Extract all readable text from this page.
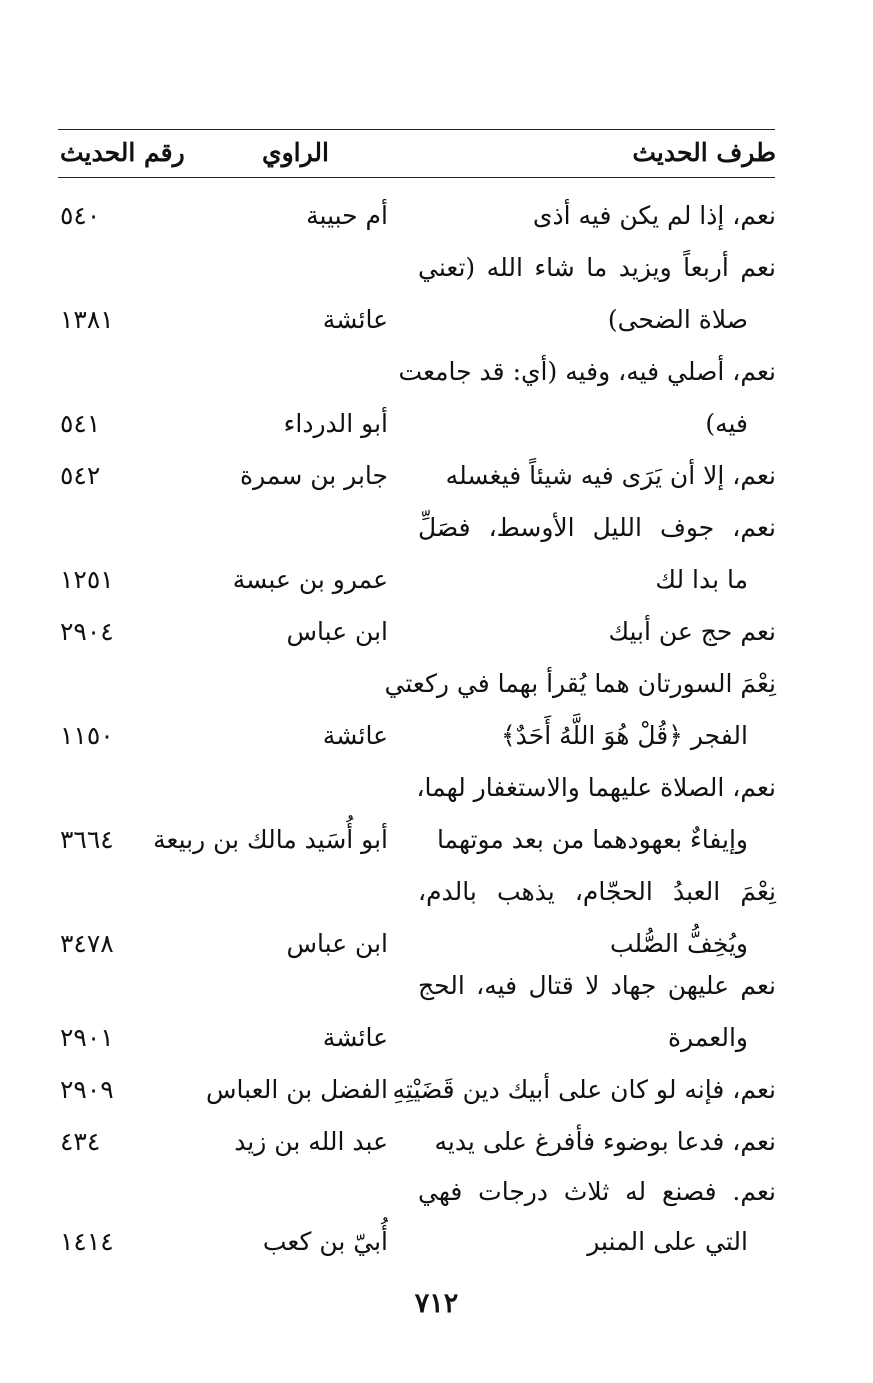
طرف الحديث
الراوي
رقم الحديث
نعم، إذا لم يكن فيه أذى
أم حبيبة
٥٤٠
نعم أربعاً ويزيد ما شاء الله (تعني
صلاة الضحى)
عائشة
١٣٨١
نعم، أصلي فيه، وفيه (أي: قد جامعت
فيه)
أبو الدرداء
٥٤١
نعم، إلا أن يَرَى فيه شيئاً فيغسله
جابر بن سمرة
٥٤٢
نعم، جوف الليل الأوسط، فصَلِّ
ما بدا لك
عمرو بن عبسة
١٢٥١
نعم حج عن أبيك
ابن عباس
٢٩٠٤
نِعْمَ السورتان هما يُقرأ بهما في ركعتي
الفجر ﴿قُلْ هُوَ اللَّهُ أَحَدٌ﴾
عائشة
١١٥٠
نعم، الصلاة عليهما والاستغفار لهما،
وإيفاءٌ بعهودهما من بعد موتهما
أبو أُسَيد مالك بن ربيعة
٣٦٦٤
نِعْمَ العبدُ الحجّام، يذهب بالدم،
ويُخِفُّ الصُّلب
ابن عباس
٣٤٧٨
نعم عليهن جهاد لا قتال فيه، الحج
والعمرة
عائشة
٢٩٠١
نعم، فإنه لو كان على أبيك دين قَضَيْتِهِ
الفضل بن العباس
٢٩٠٩
نعم، فدعا بوضوء فأفرغ على يديه
عبد الله بن زيد
٤٣٤
نعم. فصنع له ثلاث درجات فهي
التي على المنبر
أُبيّ بن كعب
١٤١٤
٧١٢
